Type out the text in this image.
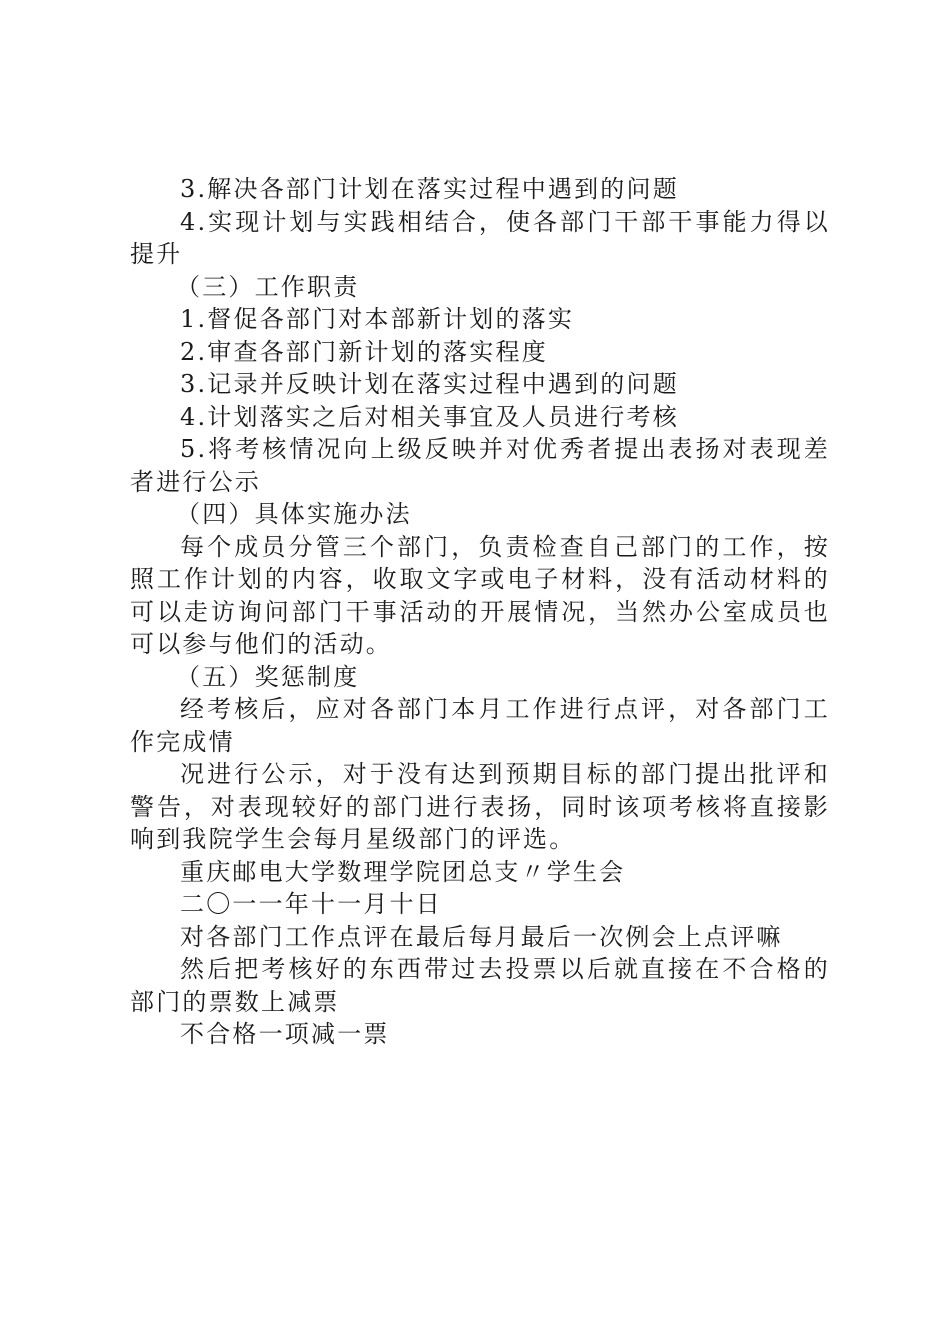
3.解决各部门计划在落实过程中遇到的问题

4.实现计划与实践相结合，使各部门干部干事能力得以提升

（三）工作职责

1.督促各部门对本部新计划的落实

2.审查各部门新计划的落实程度

3.记录并反映计划在落实过程中遇到的问题

4.计划落实之后对相关事宜及人员进行考核

5.将考核情况向上级反映并对优秀者提出表扬对表现差者进行公示

（四）具体实施办法

每个成员分管三个部门，负责检查自己部门的工作，按照工作计划的内容，收取文字或电子材料，没有活动材料的可以走访询问部门干事活动的开展情况，当然办公室成员也可以参与他们的活动。

（五）奖惩制度

经考核后，应对各部门本月工作进行点评，对各部门工作完成情

况进行公示，对于没有达到预期目标的部门提出批评和警告，对表现较好的部门进行表扬，同时该项考核将直接影响到我院学生会每月星级部门的评选。

重庆邮电大学数理学院团总支〃学生会

二〇一一年十一月十日

对各部门工作点评在最后每月最后一次例会上点评嘛

然后把考核好的东西带过去投票以后就直接在不合格的部门的票数上减票

不合格一项减一票
